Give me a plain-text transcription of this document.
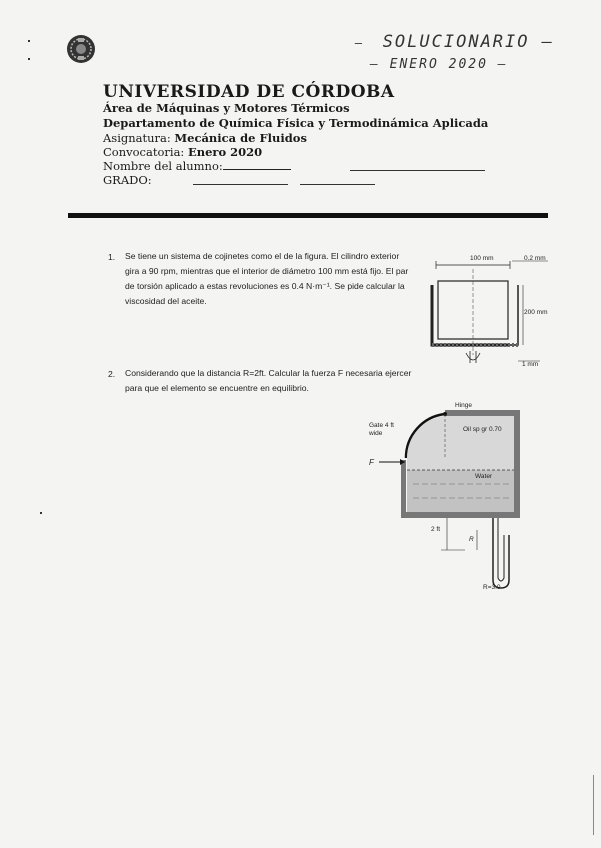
–  SOLUCIONARIO –
– ENERO 2020 –
UNIVERSIDAD DE CÓRDOBA
Área de Máquinas y Motores Térmicos
Departamento de Química Física y Termodinámica Aplicada
Asignatura: Mecánica de Fluidos
Convocatoria: Enero 2020
Nombre del alumno:
GRADO:
1. Se tiene un sistema de cojinetes como el de la figura. El cilindro exterior gira a 90 rpm, mientras que el interior de diámetro 100 mm está fijo. El par de torsión aplicado a estas revoluciones es 0.4 N·m⁻¹. Se pide calcular la viscosidad del aceite.
100 mm	0.2 mm
200 mm
1 mm
2. Considerando que la distancia R=2ft. Calcular la fuerza F necesaria ejercer para que el elemento se encuentre en equilibrio.
Hinge
Gate 4 ft wide
Oil sp gr 0.70
F
Water
2 ft
R
R=3.0
